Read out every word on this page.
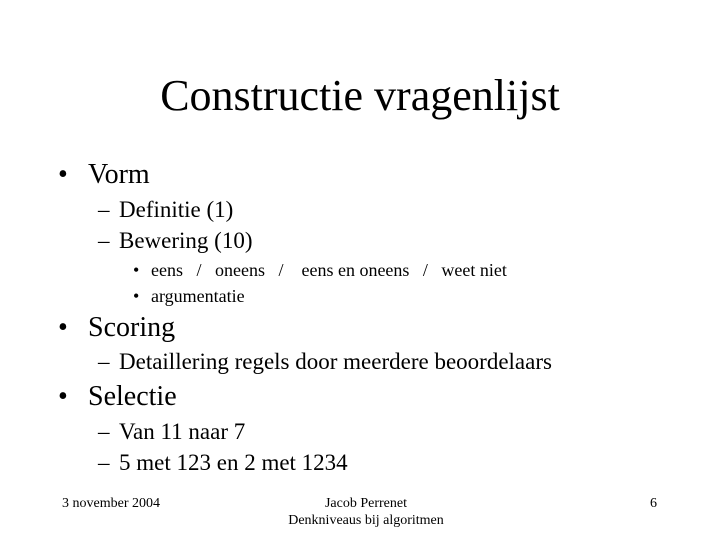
Constructie vragenlijst
• Vorm
– Definitie (1)
– Bewering (10)
• eens   /   oneens   /    eens en oneens   /   weet niet
• argumentatie
• Scoring
– Detaillering regels door meerdere beoordelaars
• Selectie
– Van 11 naar 7
– 5 met 123 en 2 met 1234
3 november 2004	Jacob Perrenet
Denkniveaus bij algoritmen
6
